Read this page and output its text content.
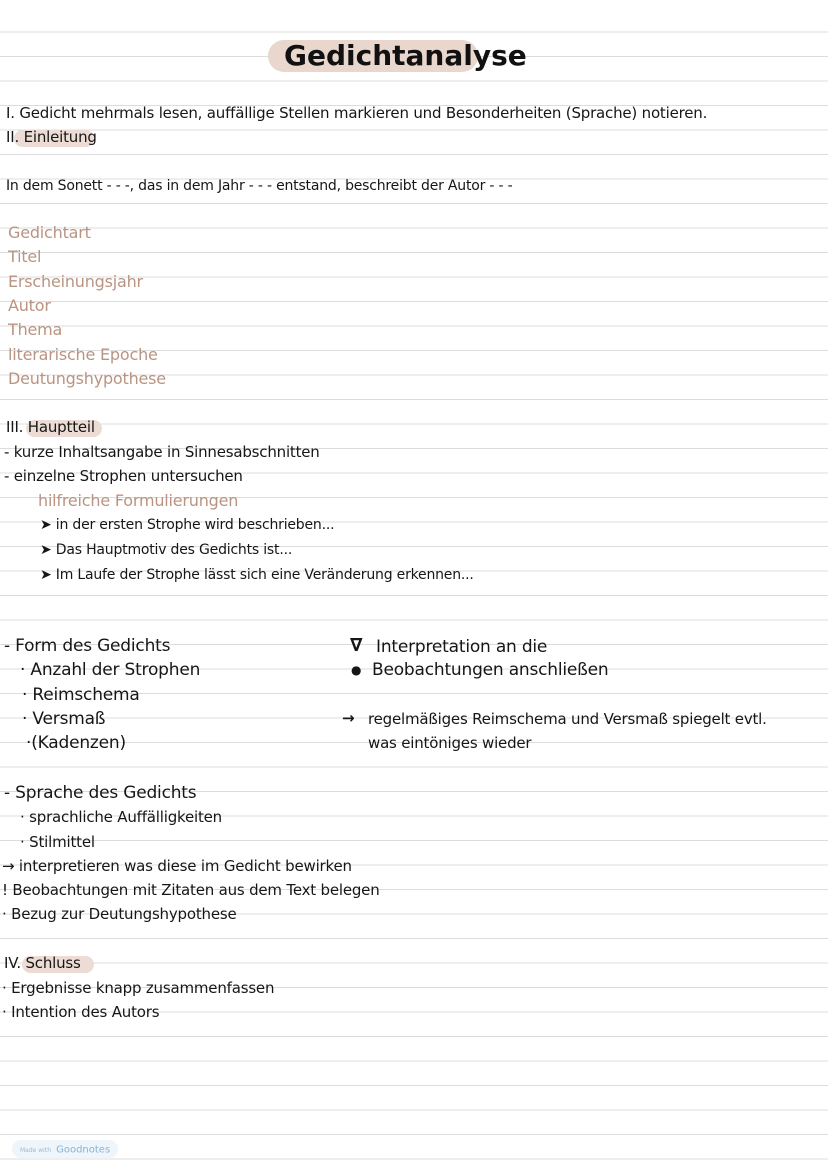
Gedichtanalyse
I. Gedicht mehrmals lesen, auffällige Stellen markieren und Besonderheiten (Sprache) notieren.
II. Einleitung
In dem Sonett - - -, das in dem Jahr - - - entstand, beschreibt der Autor - - -
Gedichtart
Titel
Erscheinungsjahr
Autor
Thema
literarische Epoche
Deutungshypothese
III. Hauptteil
- kurze Inhaltsangabe in Sinnesabschnitten
- einzelne Strophen untersuchen
hilfreiche Formulierungen
➤ in der ersten Strophe wird beschrieben...
➤ Das Hauptmotiv des Gedichts ist...
➤ Im Laufe der Strophe lässt sich eine Veränderung erkennen...
- Form des Gedichts
· Anzahl der Strophen
· Reimschema
· Versmaß
·(Kadenzen)
∇ Interpretation an die
● Beobachtungen anschließen
→ regelmäßiges Reimschema und Versmaß spiegelt evtl.
was eintöniges wieder
- Sprache des Gedichts
· sprachliche Auffälligkeiten
· Stilmittel
→ interpretieren was diese im Gedicht bewirken
! Beobachtungen mit Zitaten aus dem Text belegen
· Bezug zur Deutungshypothese
IV. Schluss
· Ergebnisse knapp zusammenfassen
· Intention des Autors
Made with Goodnotes
